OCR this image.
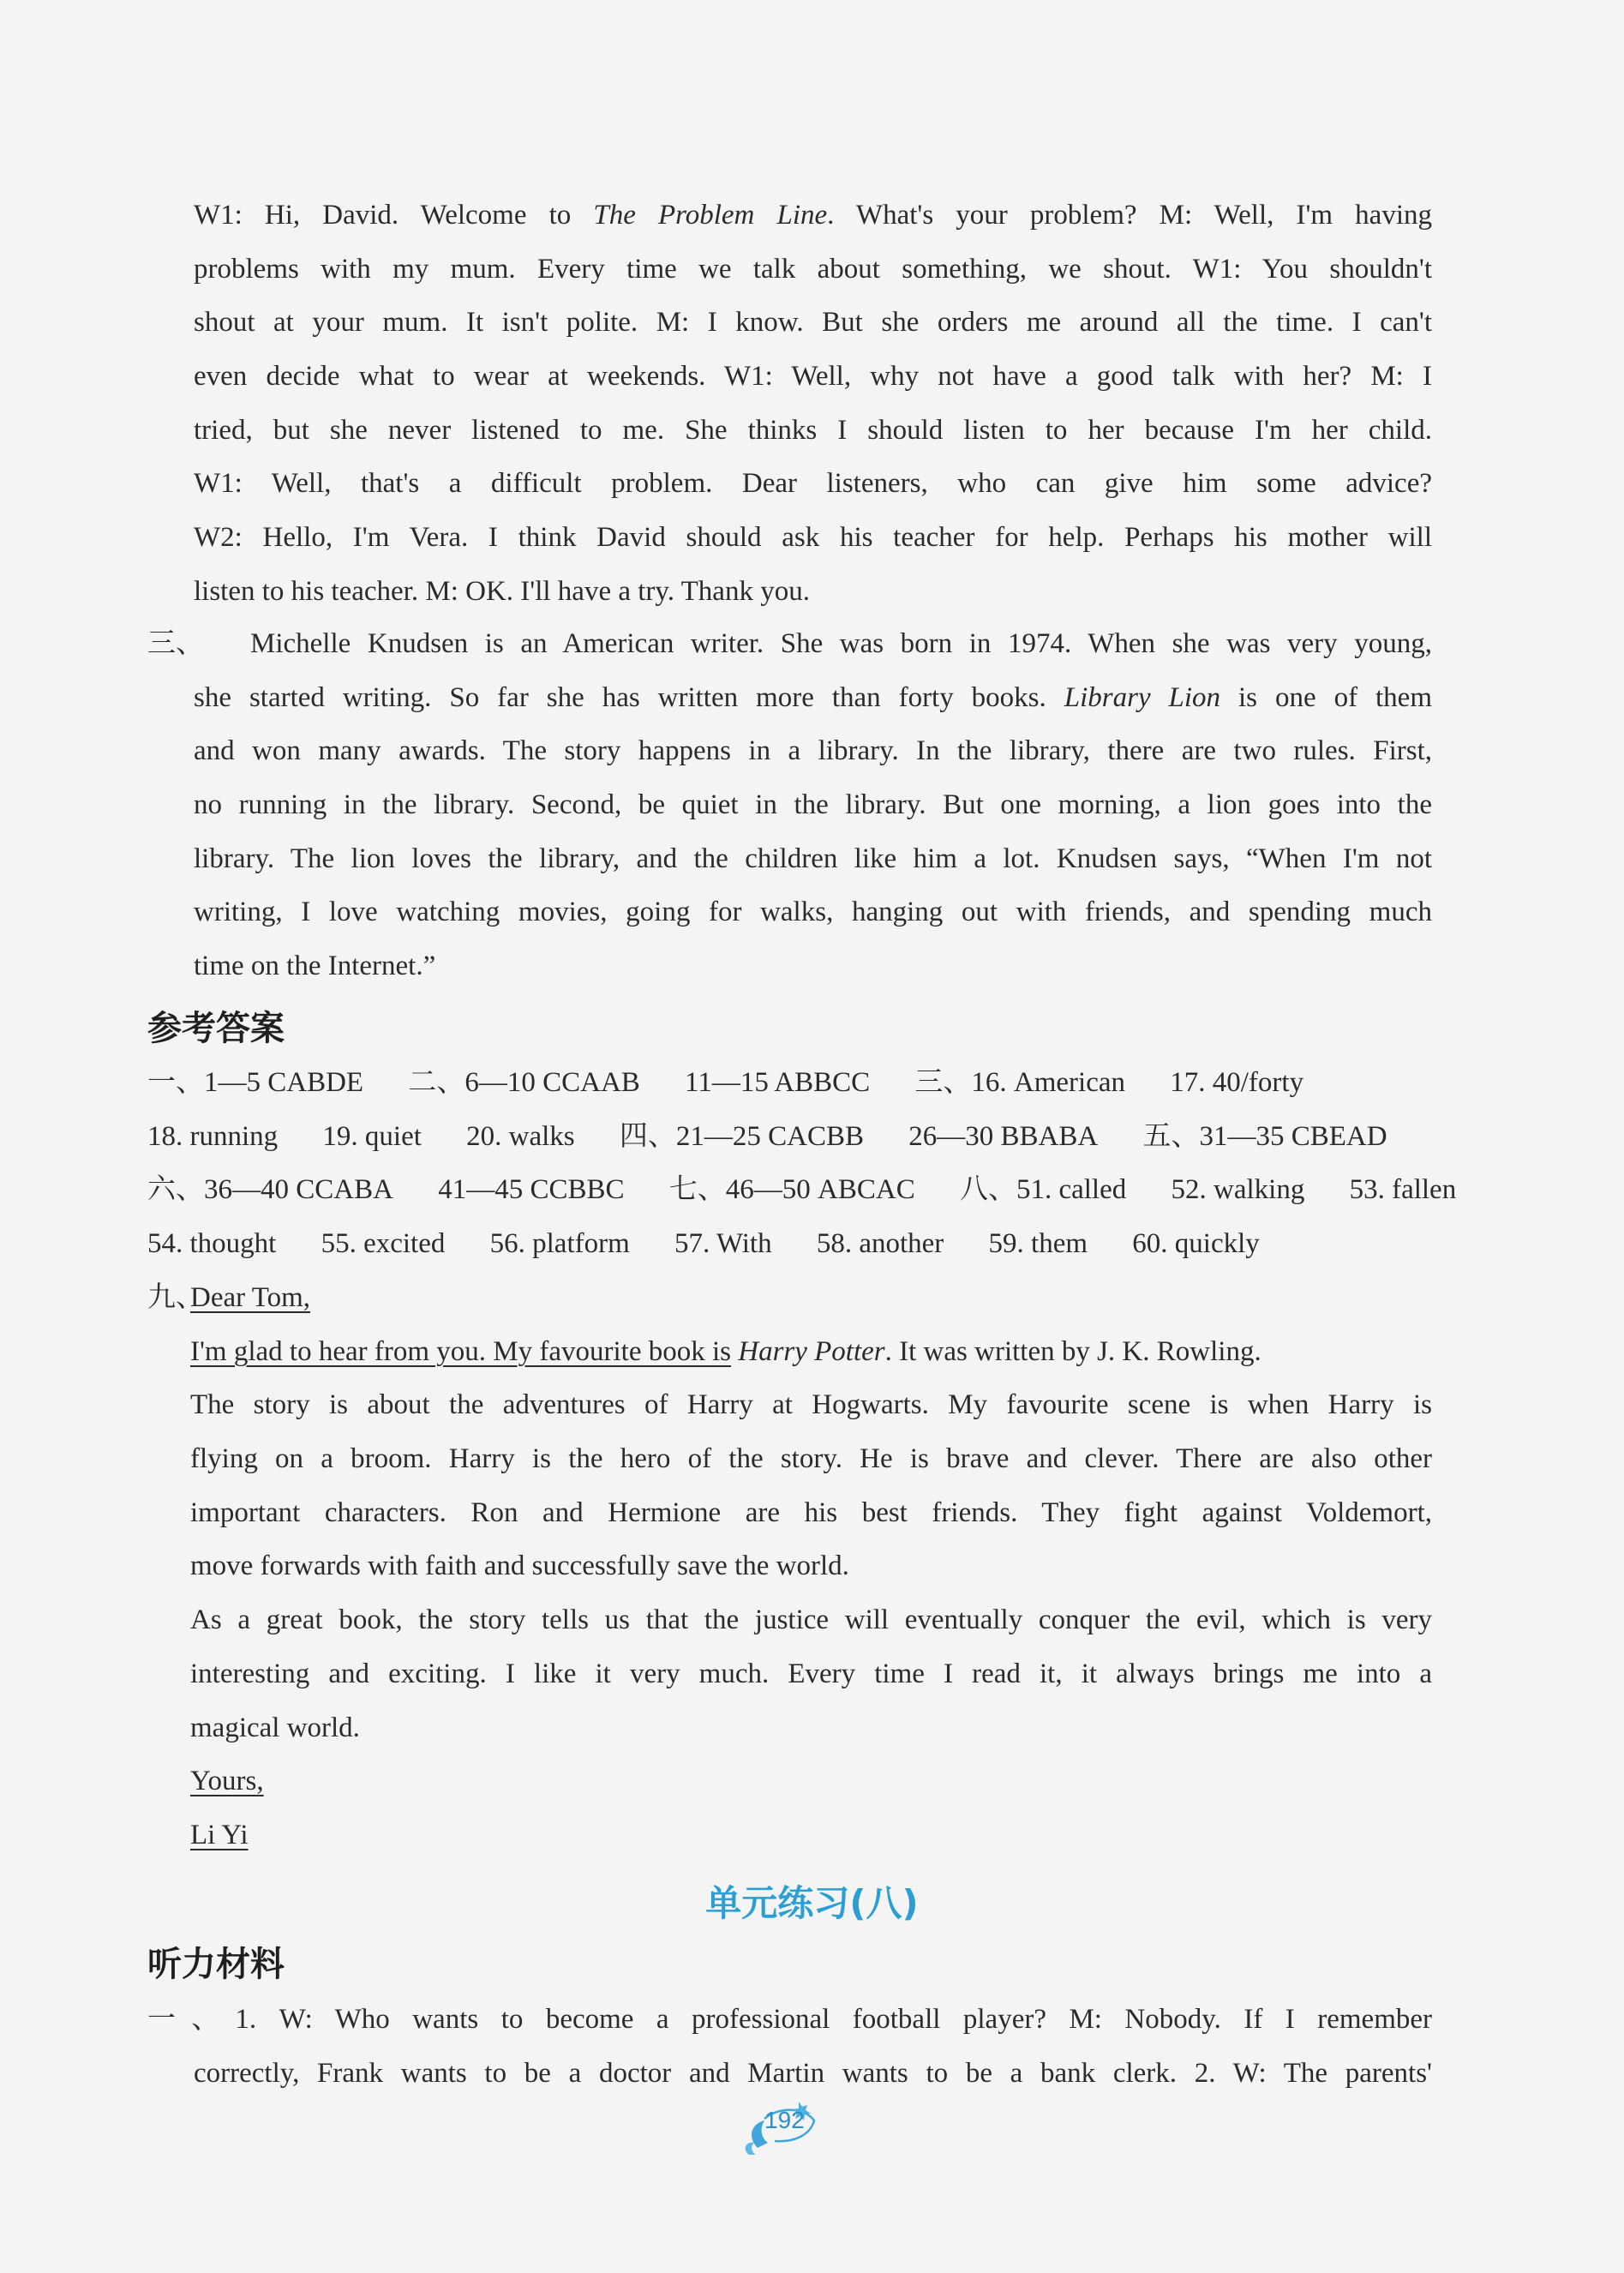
W1: Hi, David. Welcome to The Problem Line. What's your problem? M: Well, I'm having
problems with my mum. Every time we talk about something, we shout. W1: You shouldn't
shout at your mum. It isn't polite. M: I know. But she orders me around all the time. I can't
even decide what to wear at weekends. W1: Well, why not have a good talk with her? M: I
tried, but she never listened to me. She thinks I should listen to her because I'm her child.
W1: Well, that's a difficult problem. Dear listeners, who can give him some advice?
W2: Hello, I'm Vera. I think David should ask his teacher for help. Perhaps his mother will
listen to his teacher. M: OK. I'll have a try. Thank you.
三、	Michelle Knudsen is an American writer. She was born in 1974. When she was very young,
she started writing. So far she has written more than forty books. Library Lion is one of them
and won many awards. The story happens in a library. In the library, there are two rules. First,
no running in the library. Second, be quiet in the library. But one morning, a lion goes into the
library. The lion loves the library, and the children like him a lot. Knudsen says, “When I'm not
writing, I love watching movies, going for walks, hanging out with friends, and spending much
time on the Internet.”
参考答案
一、1—5 CABDE 二、6—10 CCAAB 11—15 ABBCC 三、16. American 17. 40/forty
18. running 19. quiet 20. walks 四、21—25 CACBB 26—30 BBABA 五、31—35 CBEAD
六、36—40 CCABA 41—45 CCBBC 七、46—50 ABCAC 八、51. called 52. walking 53. fallen
54. thought 55. excited 56. platform 57. With 58. another 59. them 60. quickly
九、
Dear Tom,
I'm glad to hear from you. My favourite book is Harry Potter. It was written by J. K. Rowling.
The story is about the adventures of Harry at Hogwarts. My favourite scene is when Harry is
flying on a broom. Harry is the hero of the story. He is brave and clever. There are also other
important characters. Ron and Hermione are his best friends. They fight against Voldemort,
move forwards with faith and successfully save the world.
As a great book, the story tells us that the justice will eventually conquer the evil, which is very
interesting and exciting. I like it very much. Every time I read it, it always brings me into a
magical world.
Yours,
Li Yi
单元练习(八)
听力材料
一、1. W: Who wants to become a professional football player? M: Nobody. If I remember
correctly, Frank wants to be a doctor and Martin wants to be a bank clerk. 2. W: The parents'
192
